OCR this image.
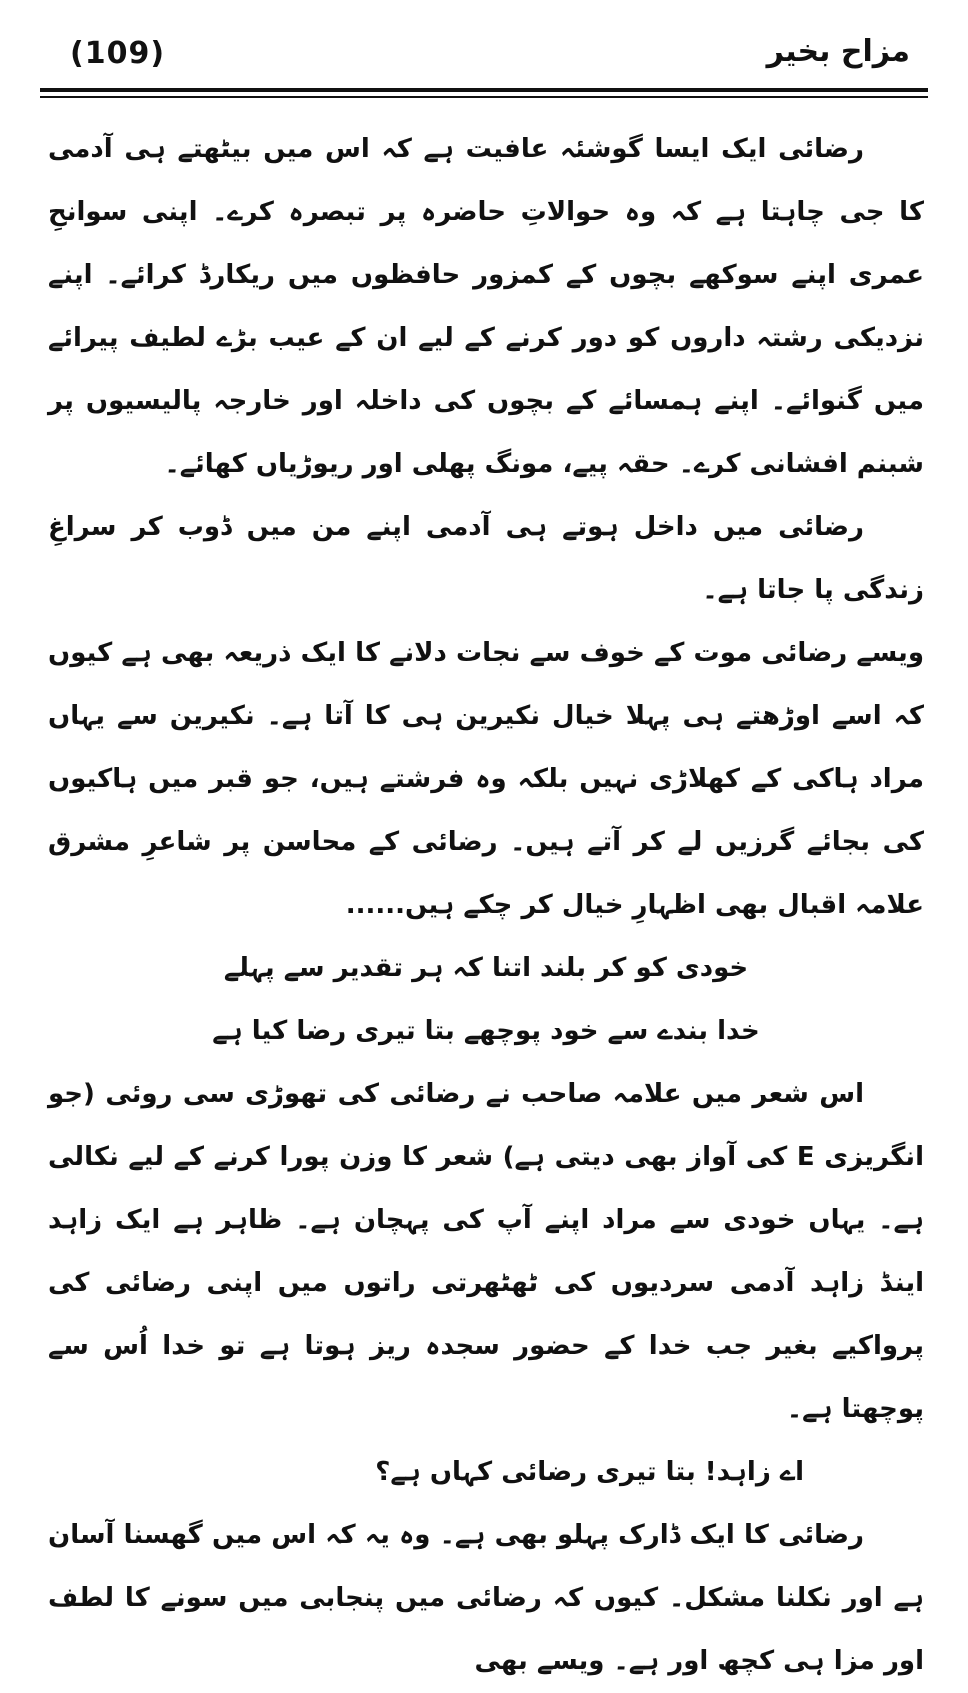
(109)	مزاح بخیر

رضائی ایک ایسا گوشئہ عافیت ہے کہ اس میں بیٹھتے ہی آدمی کا جی چاہتا ہے کہ وہ حوالاتِ حاضرہ پر تبصرہ کرے۔ اپنی سوانحِ عمری اپنے سوکھے بچوں کے کمزور حافظوں میں ریکارڈ کرائے۔ اپنے نزدیکی رشتہ داروں کو دور کرنے کے لیے ان کے عیب بڑے لطیف پیرائے میں گنوائے۔ اپنے ہمسائے کے بچوں کی داخلہ اور خارجہ پالیسیوں پر شبنم افشانی کرے۔ حقہ پیے، مونگ پھلی اور ریوڑیاں کھائے۔

رضائی میں داخل ہوتے ہی آدمی اپنے من میں ڈوب کر سراغِ زندگی پا جاتا ہے۔

ویسے رضائی موت کے خوف سے نجات دلانے کا ایک ذریعہ بھی ہے کیوں کہ اسے اوڑھتے ہی پہلا خیال نکیرین ہی کا آتا ہے۔ نکیرین سے یہاں مراد ہاکی کے کھلاڑی نہیں بلکہ وہ فرشتے ہیں، جو قبر میں ہاکیوں کی بجائے گرزیں لے کر آتے ہیں۔ رضائی کے محاسن پر شاعرِ مشرق علامہ اقبال بھی اظہارِ خیال کر چکے ہیں......

خودی کو کر بلند اتنا کہ ہر تقدیر سے پہلے

خدا بندے سے خود پوچھے بتا تیری رضا کیا ہے

اس شعر میں علامہ صاحب نے رضائی کی تھوڑی سی روئی (جو انگریزی E کی آواز بھی دیتی ہے) شعر کا وزن پورا کرنے کے لیے نکالی ہے۔ یہاں خودی سے مراد اپنے آپ کی پہچان ہے۔ ظاہر ہے ایک زاہد اینڈ زاہد آدمی سردیوں کی ٹھٹھرتی راتوں میں اپنی رضائی کی پرواکیے بغیر جب خدا کے حضور سجدہ ریز ہوتا ہے تو خدا اُس سے پوچھتا ہے۔

اے زاہد! بتا تیری رضائی کہاں ہے؟

رضائی کا ایک ڈارک پہلو بھی ہے۔ وہ یہ کہ اس میں گھسنا آسان ہے اور نکلنا مشکل۔ کیوں کہ رضائی میں پنجابی میں سونے کا لطف اور مزا ہی کچھ اور ہے۔ ویسے بھی
